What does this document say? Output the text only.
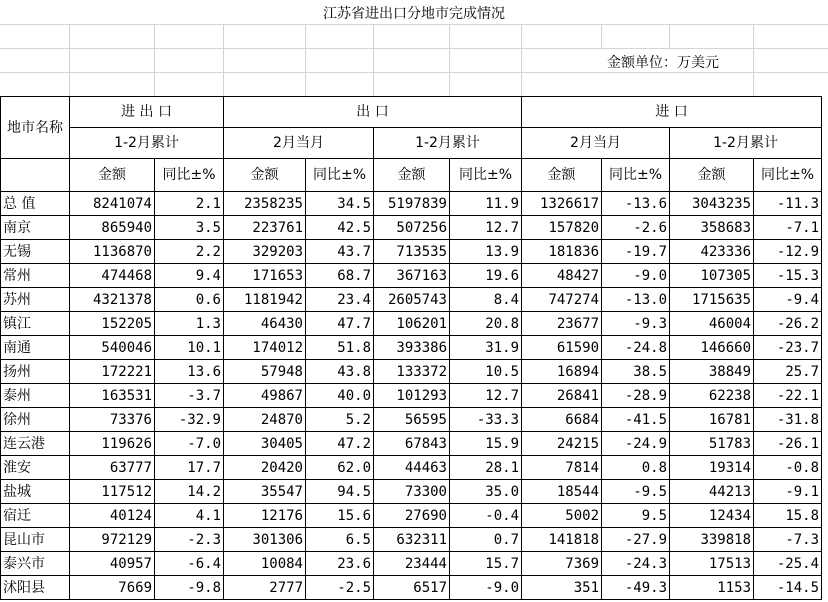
江苏省进出口分地市完成情况
金额单位：万美元
地市名称	进 出 口		出 口				进 口			
	1-2月累计		2月当月		1-2月累计		2月当月		1-2月累计	
	金额	同比±%	金额	同比±%	金额	同比±%	金额	同比±%	金额	同比±%
总 值	8241074	2.1	2358235	34.5	5197839	11.9	1326617	-13.6	3043235	-11.3
南京	865940	3.5	223761	42.5	507256	12.7	157820	-2.6	358683	-7.1
无锡	1136870	2.2	329203	43.7	713535	13.9	181836	-19.7	423336	-12.9
常州	474468	9.4	171653	68.7	367163	19.6	48427	-9.0	107305	-15.3
苏州	4321378	0.6	1181942	23.4	2605743	8.4	747274	-13.0	1715635	-9.4
镇江	152205	1.3	46430	47.7	106201	20.8	23677	-9.3	46004	-26.2
南通	540046	10.1	174012	51.8	393386	31.9	61590	-24.8	146660	-23.7
扬州	172221	13.6	57948	43.8	133372	10.5	16894	38.5	38849	25.7
泰州	163531	-3.7	49867	40.0	101293	12.7	26841	-28.9	62238	-22.1
徐州	73376	-32.9	24870	5.2	56595	-33.3	6684	-41.5	16781	-31.8
连云港	119626	-7.0	30405	47.2	67843	15.9	24215	-24.9	51783	-26.1
淮安	63777	17.7	20420	62.0	44463	28.1	7814	0.8	19314	-0.8
盐城	117512	14.2	35547	94.5	73300	35.0	18544	-9.5	44213	-9.1
宿迁	40124	4.1	12176	15.6	27690	-0.4	5002	9.5	12434	15.8
昆山市	972129	-2.3	301306	6.5	632311	0.7	141818	-27.9	339818	-7.3
泰兴市	40957	-6.4	10084	23.6	23444	15.7	7369	-24.3	17513	-25.4
沭阳县	7669	-9.8	2777	-2.5	6517	-9.0	351	-49.3	1153	-14.5
